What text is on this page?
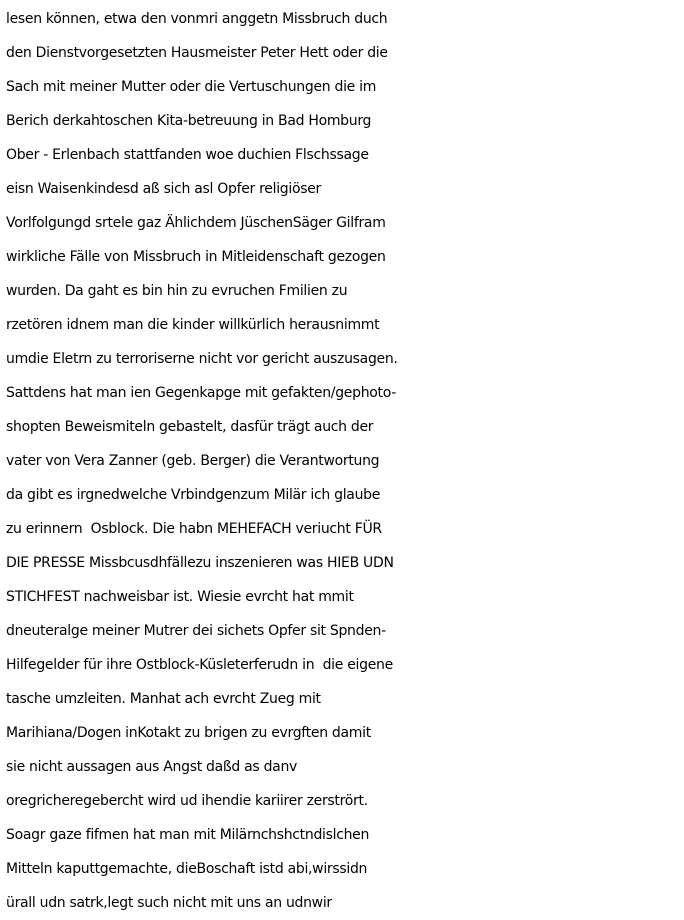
lesen können, etwa den vonmri anggetn Missbruch duch
den Dienstvorgesetzten Hausmeister Peter Hett oder die
Sach mit meiner Mutter oder die Vertuschungen die im
Berich derkahtoschen Kita-betreuung in Bad Homburg
Ober - Erlenbach stattfanden woe duchien Flschssage
eisn Waisenkindesd aß sich asl Opfer religiöser
Vorlfolgungd srtele gaz Ählichdem JüschenSäger Gilfram
wirkliche Fälle von Missbruch in Mitleidenschaft gezogen
wurden. Da gaht es bin hin zu evruchen Fmilien zu
rzetören idnem man die kinder willkürlich herausnimmt
umdie Eletrn zu terroriserne nicht vor gericht auszusagen.
Sattdens hat man ien Gegenkapge mit gefakten/gephoto-
shopten Beweismiteln gebastelt, dasfür trägt auch der
vater von Vera Zanner (geb. Berger) die Verantwortung
da gibt es irgnedwelche Vrbindgenzum Milär ich glaube
zu erinnern  Osblock. Die habn MEHEFACH veriucht FÜR
DIE PRESSE Missbcusdhfällezu inszenieren was HIEB UDN
STICHFEST nachweisbar ist. Wiesie evrcht hat mmit
dneuteralge meiner Mutrer dei sichets Opfer sit Spnden-
Hilfegelder für ihre Ostblock-Küsleterferudn in  die eigene
tasche umzleiten. Manhat ach evrcht Zueg mit
Marihiana/Dogen inKotakt zu brigen zu evrgften damit
sie nicht aussagen aus Angst daßd as danv
oregricheregebercht wird ud ihendie kariirer zerstrört.
Soagr gaze fifmen hat man mit Milärnchshctndislchen
Mitteln kaputtgemachte, dieBoschaft istd abi,wirssidn
ürall udn satrk,legt such nicht mit uns an udnwir
